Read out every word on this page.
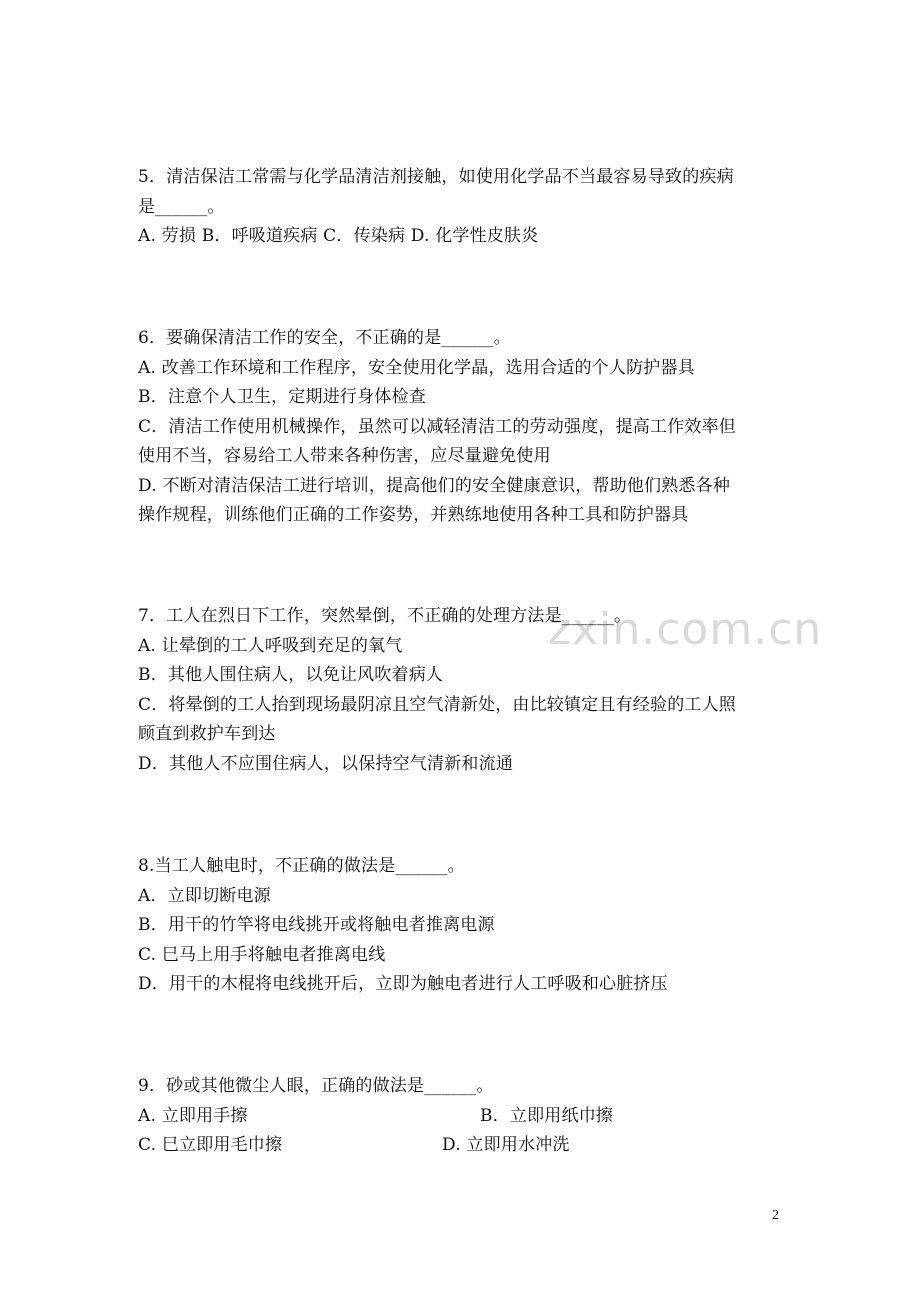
zxin.com.cn
5．清洁保洁工常需与化学品清洁剂接触，如使用化学品不当最容易导致的疾病
是______。
A. 劳损 B．呼吸道疾病 C．传染病 D. 化学性皮肤炎
6．要确保清洁工作的安全，不正确的是______。
A. 改善工作环境和工作程序，安全使用化学晶，选用合适的个人防护器具
B．注意个人卫生，定期进行身体检查
C．清洁工作使用机械操作，虽然可以减轻清洁工的劳动强度，提高工作效率但
使用不当，容易给工人带来各种伤害，应尽量避免使用
D. 不断对清洁保洁工进行培训，提高他们的安全健康意识，帮助他们熟悉各种
操作规程，训练他们正确的工作姿势，并熟练地使用各种工具和防护器具
7．工人在烈日下工作，突然晕倒，不正确的处理方法是______。
A. 让晕倒的工人呼吸到充足的氧气
B．其他人围住病人，以免让风吹着病人
C．将晕倒的工人抬到现场最阴凉且空气清新处，由比较镇定且有经验的工人照
顾直到救护车到达
D．其他人不应围住病人，以保持空气清新和流通
8.当工人触电时，不正确的做法是______。
A．立即切断电源
B．用干的竹竿将电线挑开或将触电者推离电源
C. 巳马上用手将触电者推离电线
D．用干的木棍将电线挑开后，立即为触电者进行人工呼吸和心脏挤压
9．砂或其他微尘人眼，正确的做法是______。
A. 立即用手擦	B．立即用纸巾擦
C. 巳立即用毛巾擦	D. 立即用水冲洗
2
